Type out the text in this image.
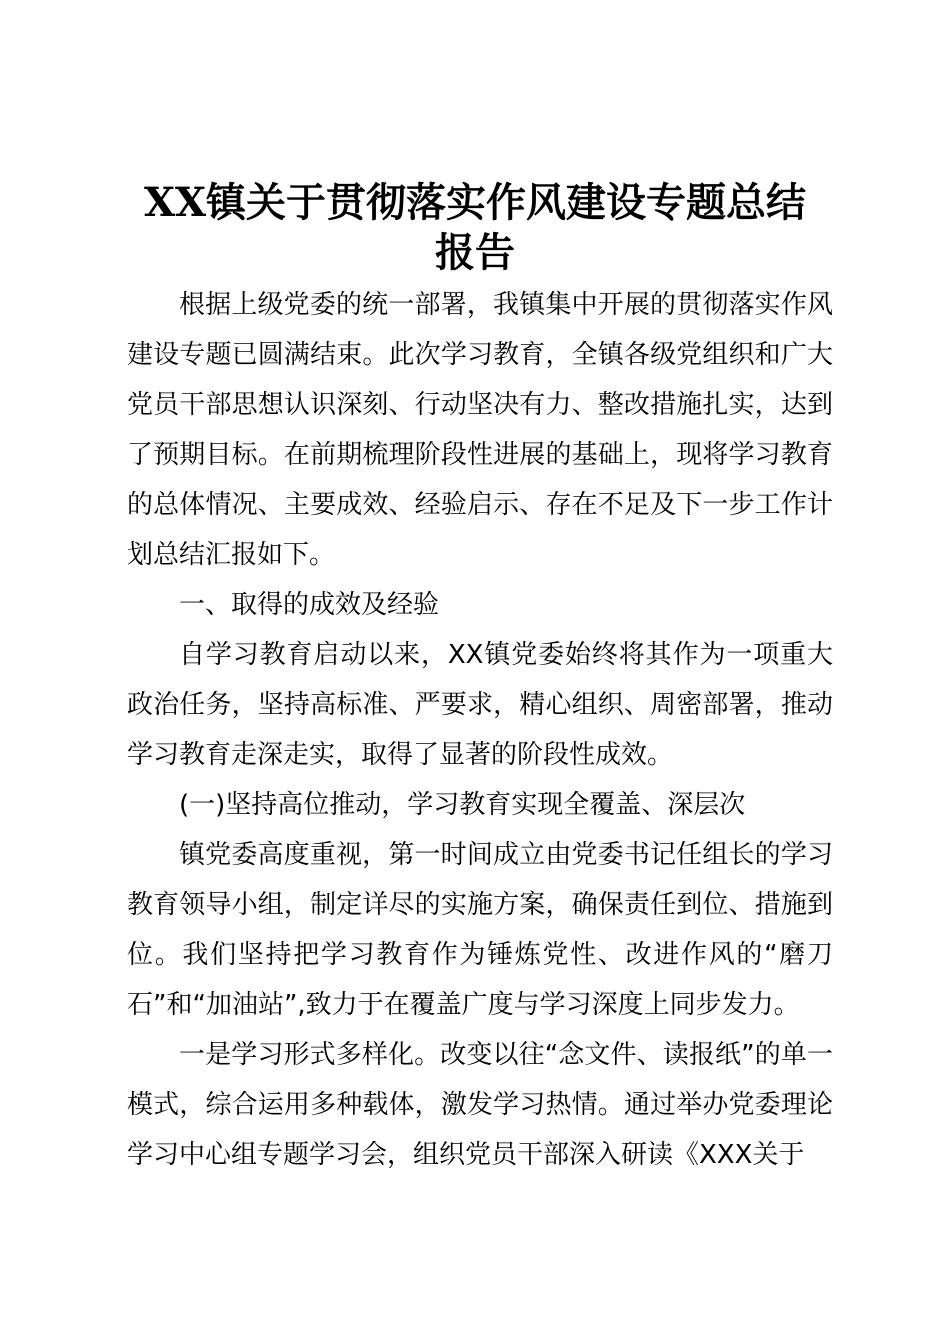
XX镇关于贯彻落实作风建设专题总结
报告

根据上级党委的统一部署，我镇集中开展的贯彻落实作风建设专题已圆满结束。此次学习教育，全镇各级党组织和广大党员干部思想认识深刻、行动坚决有力、整改措施扎实，达到了预期目标。在前期梳理阶段性进展的基础上，现将学习教育的总体情况、主要成效、经验启示、存在不足及下一步工作计划总结汇报如下。

一、取得的成效及经验

自学习教育启动以来，XX镇党委始终将其作为一项重大政治任务，坚持高标准、严要求，精心组织、周密部署，推动学习教育走深走实，取得了显著的阶段性成效。

(一)坚持高位推动，学习教育实现全覆盖、深层次

镇党委高度重视，第一时间成立由党委书记任组长的学习教育领导小组，制定详尽的实施方案，确保责任到位、措施到位。我们坚持把学习教育作为锤炼党性、改进作风的“磨刀石”和“加油站”,致力于在覆盖广度与学习深度上同步发力。

一是学习形式多样化。改变以往“念文件、读报纸”的单一模式，综合运用多种载体，激发学习热情。通过举办党委理论学习中心组专题学习会，组织党员干部深入研读《XXX关于
